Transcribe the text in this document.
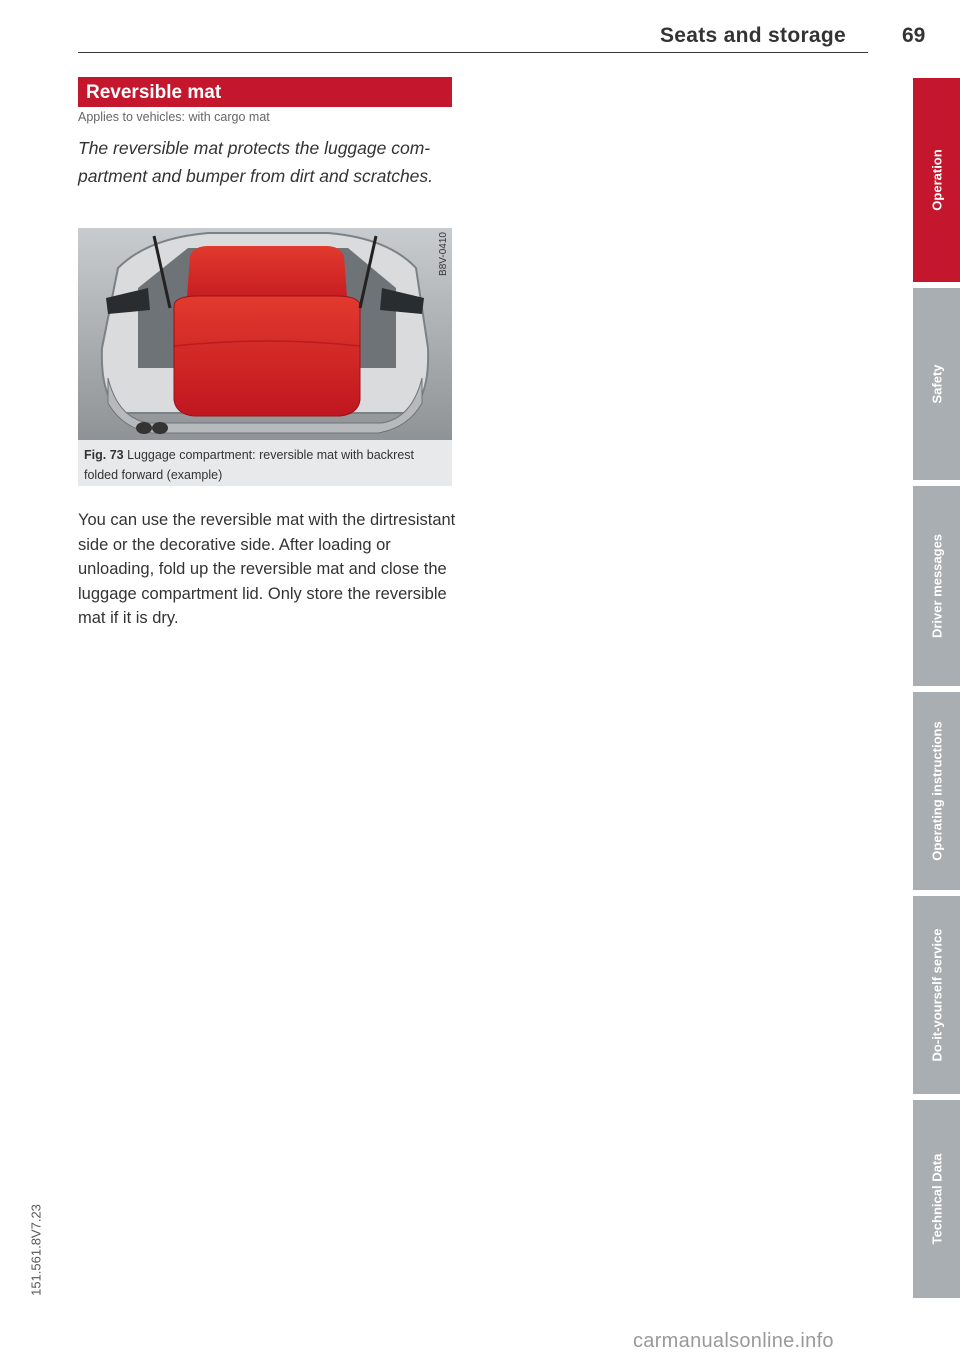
Seats and storage	69
Reversible mat
Applies to vehicles: with cargo mat
The reversible mat protects the luggage compartment and bumper from dirt and scratches.
B8V-0410
Fig. 73 Luggage compartment: reversible mat with backrest folded forward (example)
You can use the reversible mat with the dirtresistant side or the decorative side. After loading or unloading, fold up the reversible mat and close the luggage compartment lid. Only store the reversible mat if it is dry.
Operation
Safety
Driver messages
Operating instructions
Do-it-yourself service
Technical Data
151.561.8V7.23
carmanualsonline.info
